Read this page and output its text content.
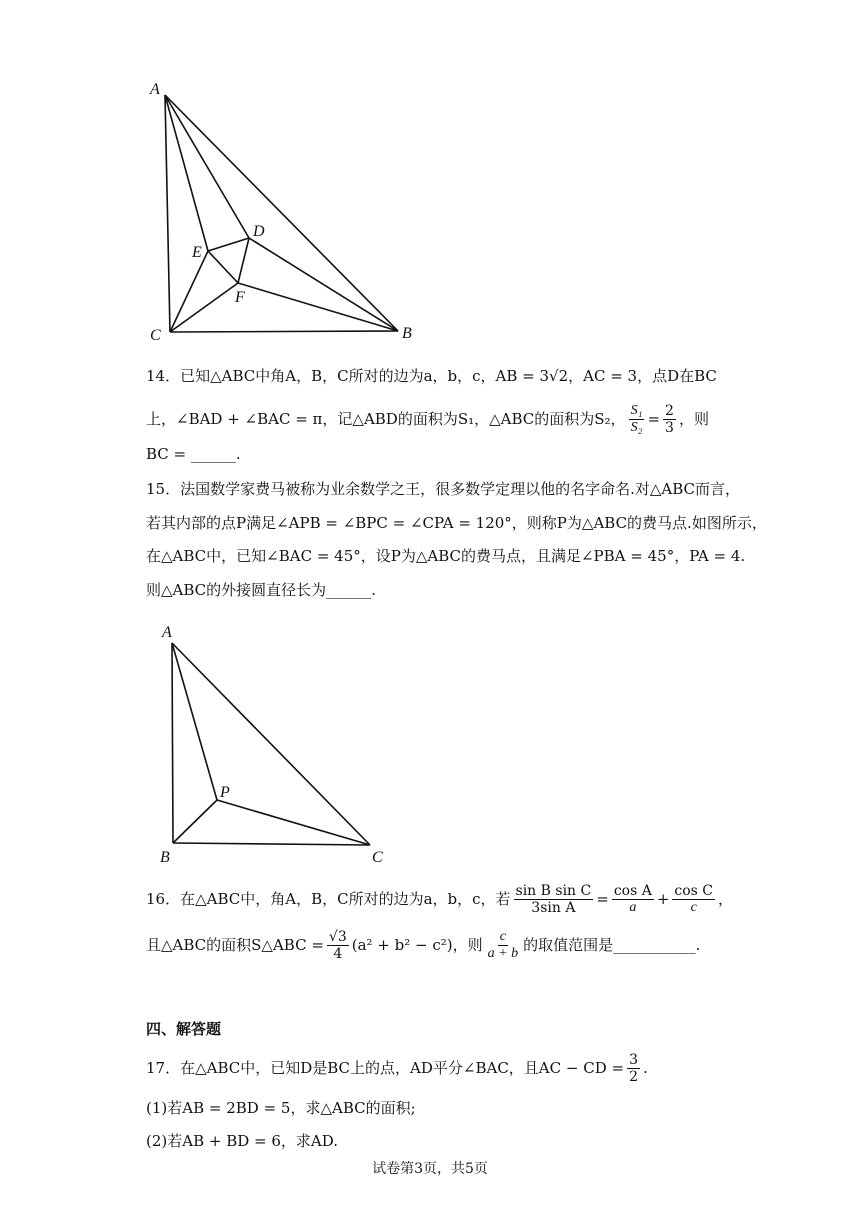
A
B
C
D
E
F
14．已知△ABC中角A，B，C所对的边为a，b，c，AB = 3√2，AC = 3，点D在BC
上，∠BAD + ∠BAC = π，记△ABD的面积为S₁，△ABC的面积为S₂， $\frac{\text{S₁}}{\text{S₂}} = \frac{2}{3}$ ，则
BC = ______.
15．法国数学家费马被称为业余数学之王，很多数学定理以他的名字命名.对△ABC而言，
若其内部的点P满足∠APB = ∠BPC = ∠CPA = 120°，则称P为△ABC的费马点.如图所示，
在△ABC中，已知∠BAC = 45°，设P为△ABC的费马点，且满足∠PBA = 45°，PA = 4.
则△ABC的外接圆直径长为______.
A
B	C
P
16．在△ABC中，角A，B，C所对的边为a，b，c，若 $\frac{\text{sin B sin C}}{\text{3sin A}} = \frac{\text{cos A}}{a} + \frac{\text{cos C}}{c}$ ，
且△ABC的面积S△ABC = $\frac{√3}{4} (a^2 + b^2 - c^2)$，则 $\frac{c}{a + b}$ 的取值范围是___________.
四、解答题
17．在△ABC中，已知D是BC上的点，AD平分∠BAC，且AC − CD = $\frac{3}{2}$ .
(1)若AB = 2BD = 5，求△ABC的面积;
(2)若AB + BD = 6，求AD.
试卷第3页，共5页
